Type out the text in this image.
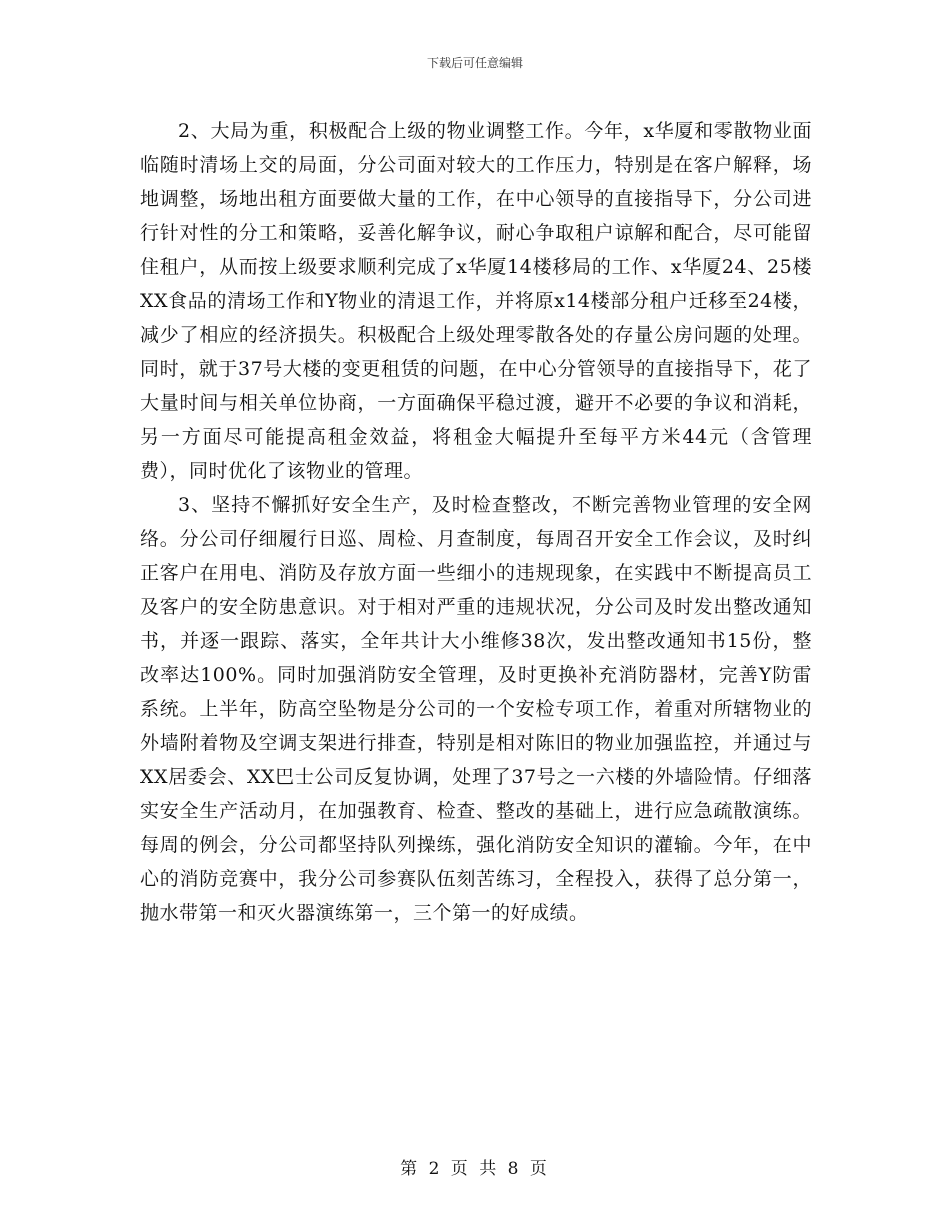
下载后可任意编辑

2、大局为重，积极配合上级的物业调整工作。今年，x华厦和零散物业面临随时清场上交的局面，分公司面对较大的工作压力，特别是在客户解释，场地调整，场地出租方面要做大量的工作，在中心领导的直接指导下，分公司进行针对性的分工和策略，妥善化解争议，耐心争取租户谅解和配合，尽可能留住租户，从而按上级要求顺利完成了x华厦14楼移局的工作、x华厦24、25楼XX食品的清场工作和Y物业的清退工作，并将原x14楼部分租户迁移至24楼，减少了相应的经济损失。积极配合上级处理零散各处的存量公房问题的处理。同时，就于37号大楼的变更租赁的问题，在中心分管领导的直接指导下，花了大量时间与相关单位协商，一方面确保平稳过渡，避开不必要的争议和消耗，另一方面尽可能提高租金效益，将租金大幅提升至每平方米44元（含管理费），同时优化了该物业的管理。

3、坚持不懈抓好安全生产，及时检查整改，不断完善物业管理的安全网络。分公司仔细履行日巡、周检、月查制度，每周召开安全工作会议，及时纠正客户在用电、消防及存放方面一些细小的违规现象，在实践中不断提高员工及客户的安全防患意识。对于相对严重的违规状况，分公司及时发出整改通知书，并逐一跟踪、落实，全年共计大小维修38次，发出整改通知书15份，整改率达100%。同时加强消防安全管理，及时更换补充消防器材，完善Y防雷系统。上半年，防高空坠物是分公司的一个安检专项工作，着重对所辖物业的外墙附着物及空调支架进行排查，特别是相对陈旧的物业加强监控，并通过与XX居委会、XX巴士公司反复协调，处理了37号之一六楼的外墙险情。仔细落实安全生产活动月，在加强教育、检查、整改的基础上，进行应急疏散演练。每周的例会，分公司都坚持队列操练，强化消防安全知识的灌输。今年，在中心的消防竞赛中，我分公司参赛队伍刻苦练习，全程投入，获得了总分第一，抛水带第一和灭火器演练第一，三个第一的好成绩。

第 2 页 共 8 页
